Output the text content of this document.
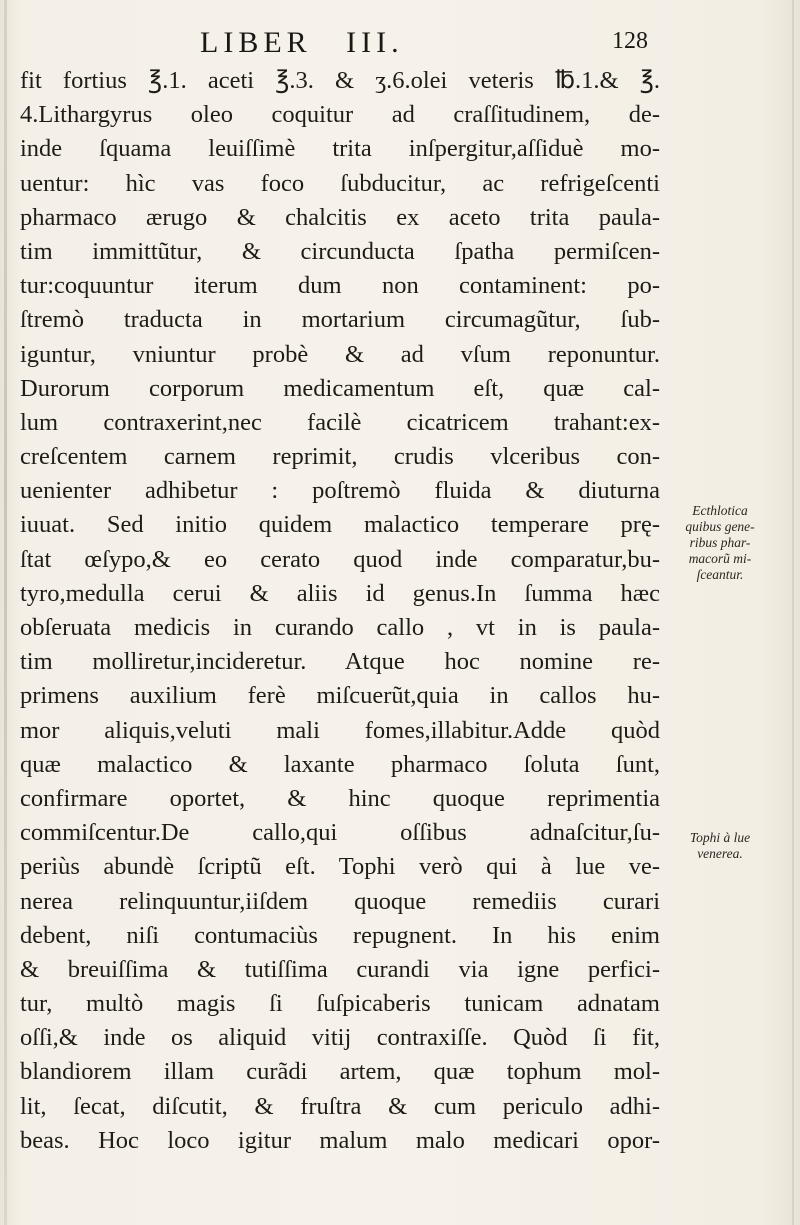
LIBER III.	128
fit fortius ℥.1. aceti ℥.3. & ʒ.6.olei veteris ℔.1.& ℥.
4.Lithargyrus oleo coquitur ad craſſitudinem, de-
inde ſquama leuiſſimè trita inſpergitur,aſſiduè mo-
uentur: hìc vas foco ſubducitur, ac refrigeſcenti
pharmaco ærugo & chalcitis ex aceto trita paula-
tim immittũtur, & circunducta ſpatha permiſcen-
tur:coquuntur iterum dum non contaminent: po-
ſtremò traducta in mortarium circumagũtur, ſub-
iguntur, vniuntur probè & ad vſum reponuntur.
Durorum corporum medicamentum eſt, quæ cal-
lum contraxerint,nec facilè cicatricem trahant:ex-
creſcentem carnem reprimit, crudis vlceribus con-
uenienter adhibetur : poſtremò fluida & diuturna
iuuat. Sed initio quidem malactico temperare prę-
ſtat œſypo,& eo cerato quod inde comparatur,bu-
tyro,medulla cerui & aliis id genus.In ſumma hæc
obſeruata medicis in curando callo , vt in is paula-
tim molliretur,incideretur. Atque hoc nomine re-
primens auxilium ferè miſcuerũt,quia in callos hu-
mor aliquis,veluti mali fomes,illabitur.Adde quòd
quæ malactico & laxante pharmaco ſoluta ſunt,
confirmare oportet, & hinc quoque reprimentia
commiſcentur.De callo,qui oſſibus adnaſcitur,ſu-
periùs abundè ſcriptũ eſt. Tophi verò qui à lue ve-
nerea relinquuntur,iiſdem quoque remediis curari
debent, niſi contumaciùs repugnent. In his enim
& breuiſſima & tutiſſima curandi via igne perfici-
tur, multò magis ſi ſuſpicaberis tunicam adnatam
oſſi,& inde os aliquid vitij contraxiſſe. Quòd ſi fit,
blandiorem illam curãdi artem, quæ tophum mol-
lit, ſecat, diſcutit, & fruſtra & cum periculo adhi-
beas. Hoc loco igitur malum malo medicari opor-
Ecthlotica
quibus gene-
ribus phar-
macorũ mi-
ſceantur.
Tophi à lue
venerea.
